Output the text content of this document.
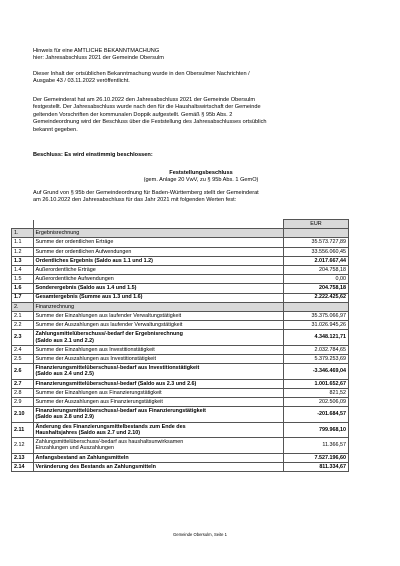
Hinweis für eine AMTLICHE BEKANNTMACHUNG

hier: Jahresabschluss 2021 der Gemeinde Obersulm

Dieser Inhalt der ortsüblichen Bekanntmachung wurde in den Obersulmer Nachrichten /

Ausgabe 43 / 03.11.2022 veröffentlicht.

Der Gemeinderat hat am 26.10.2022 den Jahresabschluss 2021 der Gemeinde Obersulm

festgestellt. Der Jahresabschluss wurde nach den für die Haushaltswirtschaft der Gemeinde

geltenden Vorschriften der kommunalen Doppik aufgestellt. Gemäß § 95b Abs. 2

Gemeindeordnung wird der Beschluss über die Feststellung des Jahresabschlusses ortsüblich

bekannt gegeben.

Beschluss: Es wird einstimmig beschlossen:

Feststellungsbeschluss

(gem. Anlage 20 VwV, zu § 95b Abs. 1 GemO)

Auf Grund von § 95b der Gemeindeordnung für Baden-Württemberg stellt der Gemeinderat

am 26.10.2022 den Jahresabschluss für das Jahr 2021 mit folgenden Werten fest:

		EUR
1.	Ergebnisrechnung	

1.1	Summe der ordentlichen Erträge	35.573.727,89
1.2	Summe der ordentlichen Aufwendungen	33.556.060,45
1.3	Ordentliches Ergebnis (Saldo aus 1.1 und 1.2)	2.017.667,44
1.4	Außerordentliche Erträge	204.758,18
1.5	Außerordentliche Aufwendungen	0,00
1.6	Sonderergebnis (Saldo aus 1.4 und 1.5)	204.758,18
1.7	Gesamtergebnis (Summe aus 1.3 und 1.6)	2.222.425,62
2.	Finanzrechnung	

2.1	Summe der Einzahlungen aus laufender Verwaltungstätigkeit	35.375.066,97
2.2	Summe der Auszahlungen aus laufender Verwaltungstätigkeit	31.026.945,26
2.3	Zahlungsmittelüberschuss/-bedarf der Ergebnisrechnung
(Saldo aus 2.1 und 2.2)	4.348.121,71
2.4	Summe der Einzahlungen aus Investitionstätigkeit	2.032.784,65
2.5	Summe der Auszahlungen aus Investitionstätigkeit	5.379.253,69
2.6	Finanzierungsmittelüberschuss/-bedarf aus Investitionstätigkeit
(Saldo aus 2.4 und 2.5)	-3.346.469,04
2.7	Finanzierungsmittelüberschuss/-bedarf (Saldo aus 2.3 und 2.6)	1.001.652,67
2.8	Summe der Einzahlungen aus Finanzierungstätigkeit	821,52
2.9	Summe der Auszahlungen aus Finanzierungstätigkeit	202.506,09
2.10	Finanzierungsmittelüberschuss/-bedarf aus Finanzierungstätigkeit
(Saldo aus 2.8 und 2.9)	-201.684,57
2.11	Änderung des Finanzierungsmittelbestands zum Ende des
Haushaltsjahres (Saldo aus 2.7 und 2.10)	799.968,10
2.12	Zahlungsmittelüberschuss/-bedarf aus haushaltsunwirksamen
Einzahlungen und Auszahlungen	11.366,57
2.13	Anfangsbestand an Zahlungsmitteln	7.527.196,60
2.14	Veränderung des Bestands an Zahlungsmitteln	811.334,67
Gemeinde Obersulm, Seite 1
